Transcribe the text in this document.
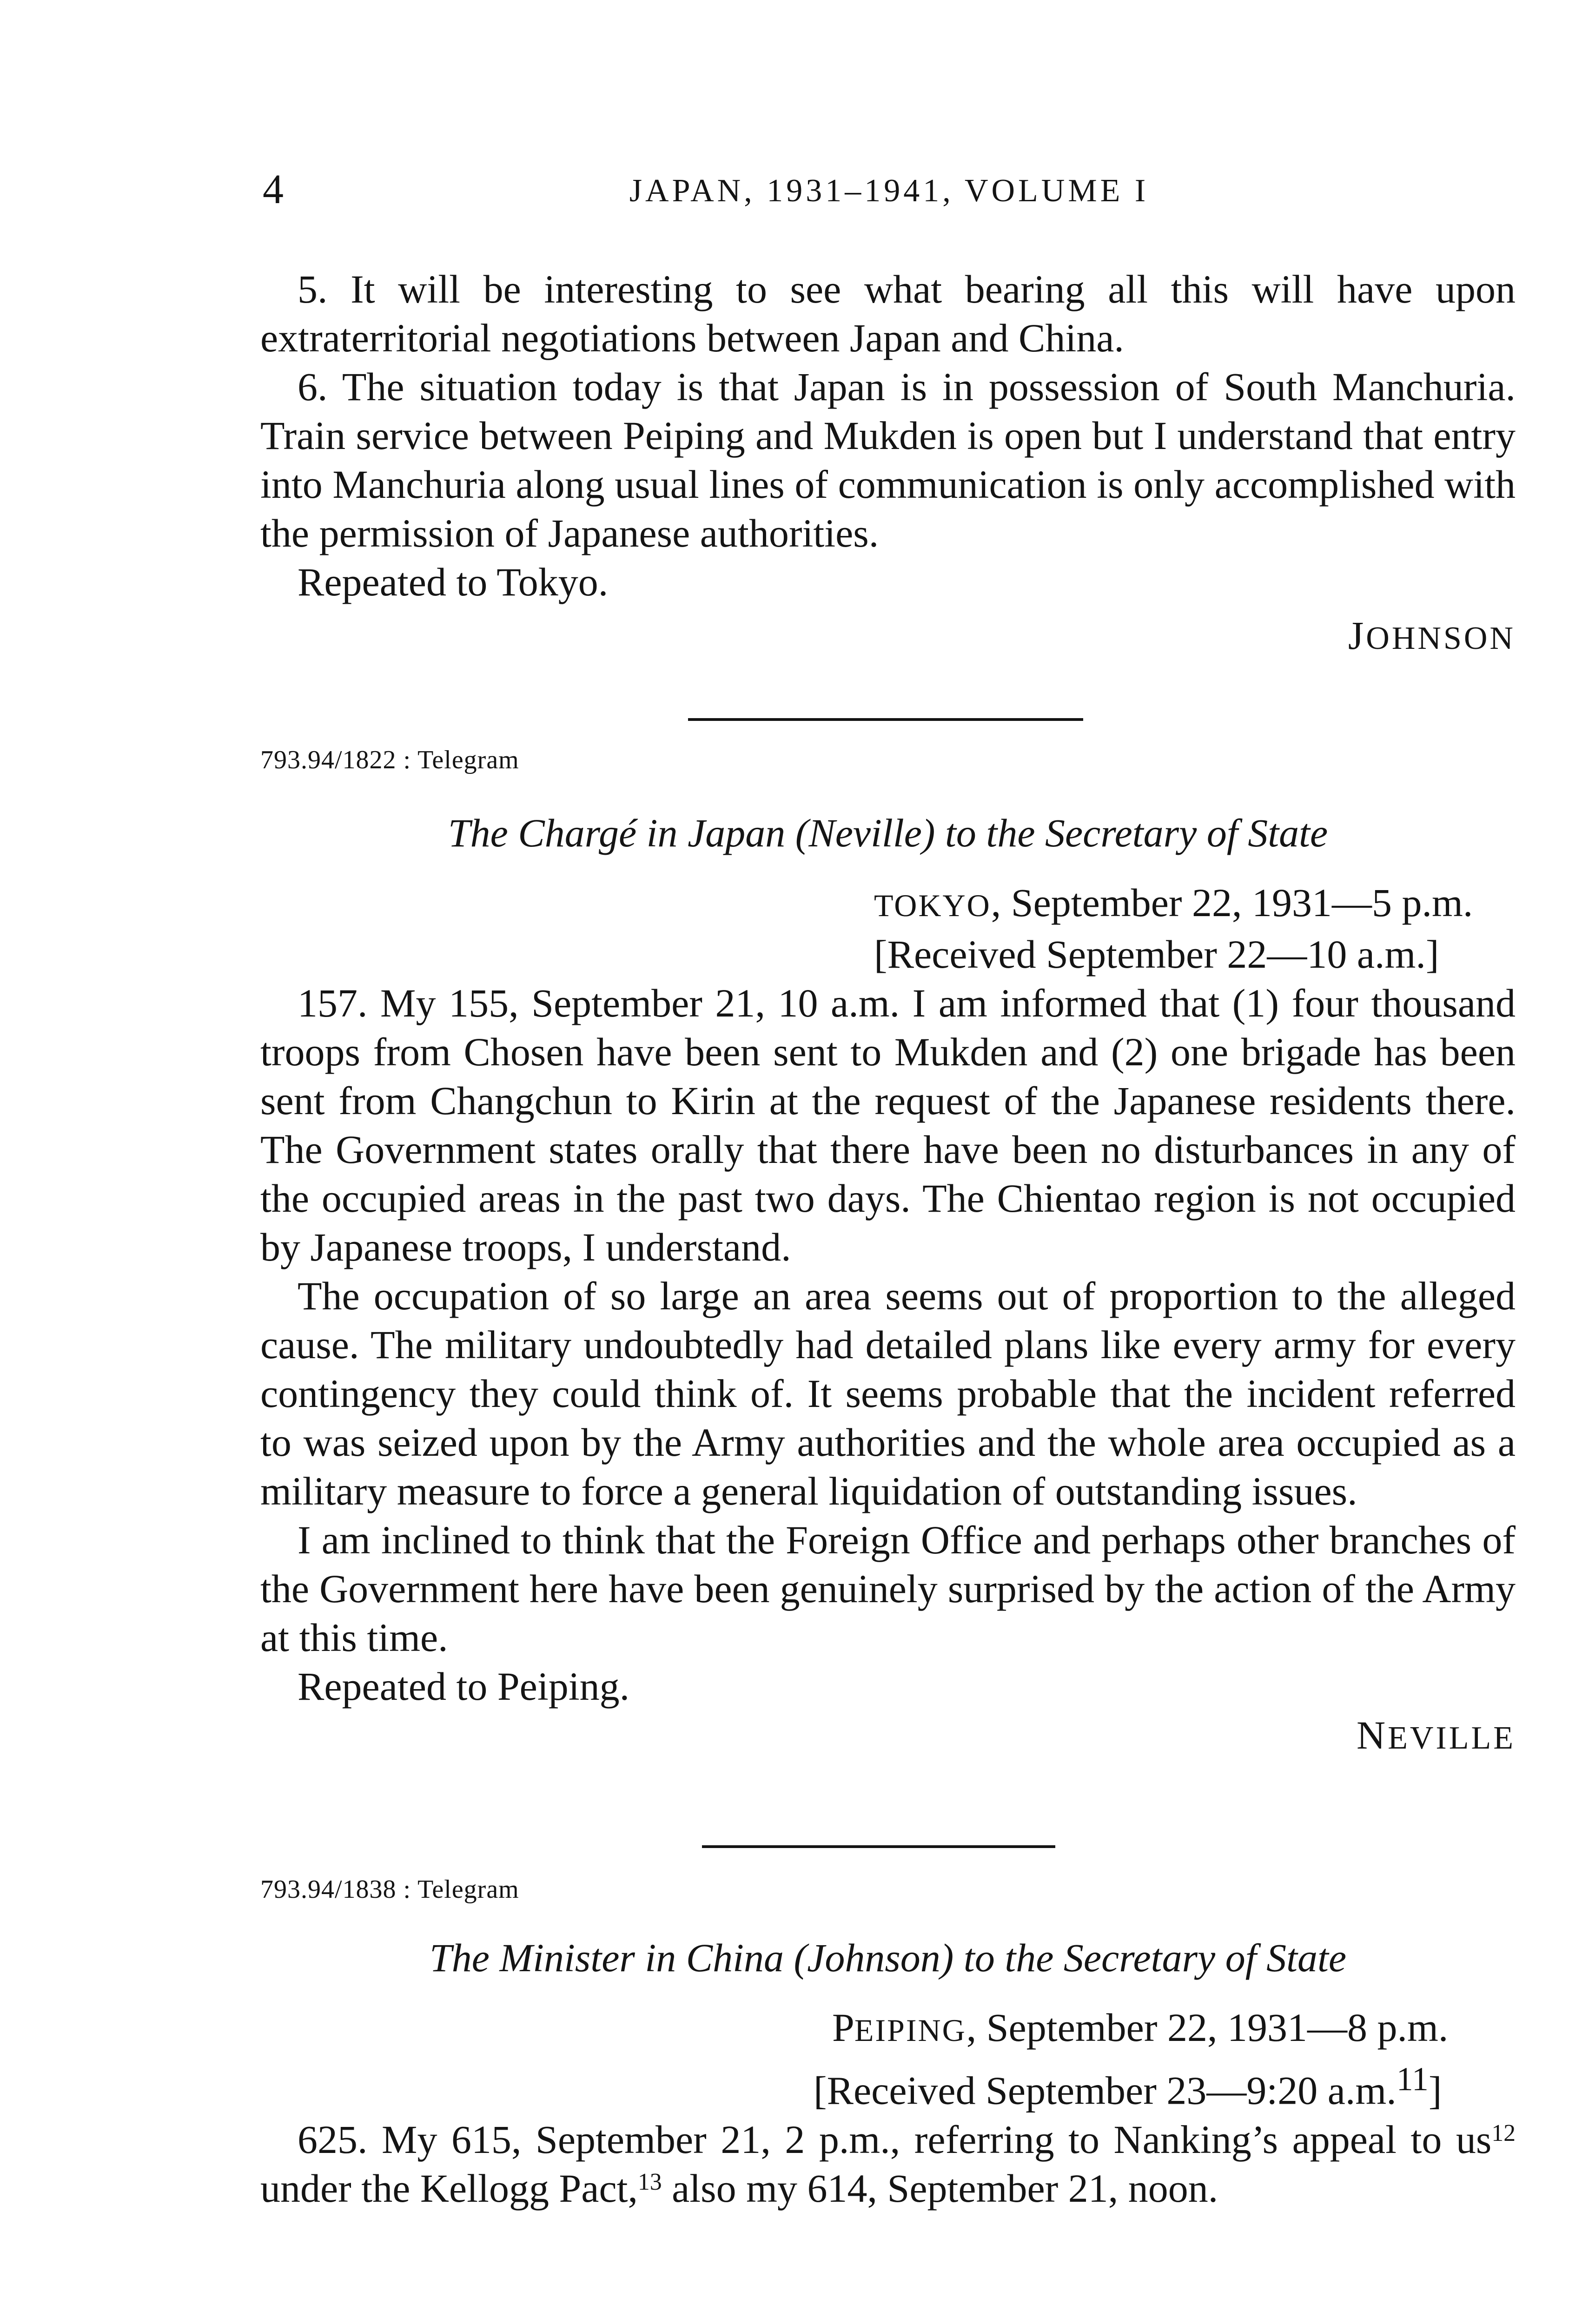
4	JAPAN, 1931–1941, VOLUME I

5. It will be interesting to see what bearing all this will have upon extraterritorial negotiations between Japan and China.

6. The situation today is that Japan is in possession of South Manchuria. Train service between Peiping and Mukden is open but I understand that entry into Manchuria along usual lines of communication is only accomplished with the permission of Japanese authorities.

Repeated to Tokyo.

JOHNSON
793.94/1822 : Telegram

The Chargé in Japan (Neville) to the Secretary of State

TOKYO, September 22, 1931—5 p.m.
[Received September 22—10 a.m.]

157. My 155, September 21, 10 a.m. I am informed that (1) four thousand troops from Chosen have been sent to Mukden and (2) one brigade has been sent from Changchun to Kirin at the request of the Japanese residents there. The Government states orally that there have been no disturbances in any of the occupied areas in the past two days. The Chientao region is not occupied by Japanese troops, I understand.

The occupation of so large an area seems out of proportion to the alleged cause. The military undoubtedly had detailed plans like every army for every contingency they could think of. It seems probable that the incident referred to was seized upon by the Army authorities and the whole area occupied as a military measure to force a general liquidation of outstanding issues.

I am inclined to think that the Foreign Office and perhaps other branches of the Government here have been genuinely surprised by the action of the Army at this time.

Repeated to Peiping.

NEVILLE
793.94/1838 : Telegram

The Minister in China (Johnson) to the Secretary of State

PEIPING, September 22, 1931—8 p.m.
[Received September 23—9:20 a.m.$^{11}$]

625. My 615, September 21, 2 p.m., referring to Nanking’s appeal to $us^{12}$ under the Kellogg Pact,$^{13}$ also my 614, September 21, noon.
